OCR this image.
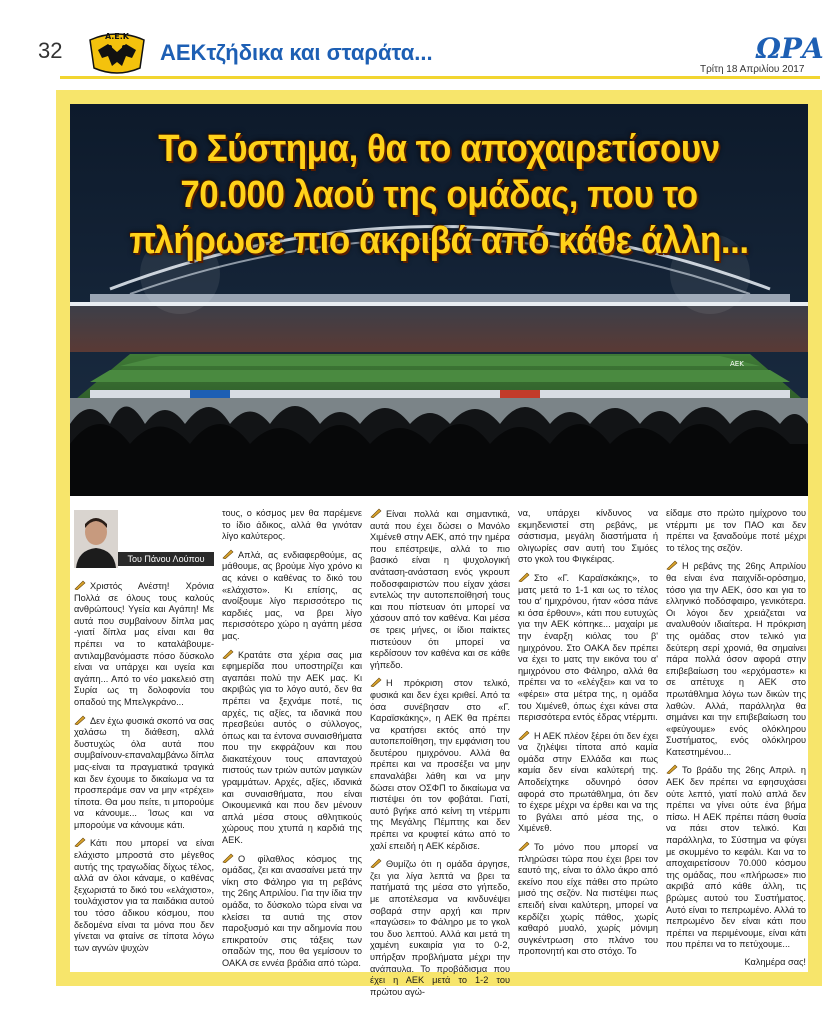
32
Α.Ε.Κ
ΑΕΚτζήδικα και σταράτα...	ΩΡΑ
Τρίτη 18 Απριλίου 2017
AEK
Το Σύστημα, θα το αποχαιρετίσουν
70.000 λαού της ομάδας, που το
πλήρωσε πιο ακριβά από κάθε άλλη...
Του Πάνου Λούπου

Χριστός Ανέστη! Χρόνια Πολλά σε όλους τους καλούς ανθρώπους! Υγεία και Αγάπη! Με αυτά που συμβαίνουν δίπλα μας -γιατί δίπλα μας είναι και θα πρέπει να το καταλάβουμε-αντιλαμβανόμαστε πόσο δύσκολο είναι να υπάρχει και υγεία και αγάπη... Από το νέο μακελειό στη Συρία ως τη δολοφονία του οπαδού της Μπελγκράνο...

Δεν έχω φυσικά σκοπό να σας χαλάσω τη διάθεση, αλλά δυστυχώς όλα αυτά που συμβαίνουν-επαναλαμβάνω δίπλα μας-είναι τα πραγματικά τραγικά και δεν έχουμε το δικαίωμα να τα προσπεράμε σαν να μην «τρέχει» τίποτα. Θα μου πείτε, τι μπορούμε να κάνουμε... Ίσως και να μπορούμε να κάνουμε κάτι.

Κάτι που μπορεί να είναι ελάχιστο μπροστά στο μέγεθος αυτής της τραγωδίας δίχως τέλος, αλλά αν όλοι κάναμε, ο καθένας ξεχωριστά το δικό του «ελάχιστο», τουλάχιστον για τα παιδάκια αυτού του τόσο άδικου κόσμου, που δεδομένα είναι τα μόνα που δεν γίνεται να φταίνε σε τίποτα λόγω των αγνών ψυχών

τους, ο κόσμος μεν θα παρέμενε το ίδιο άδικος, αλλά θα γινόταν λίγο καλύτερος.

Απλά, ας ενδιαφερθούμε, ας μάθουμε, ας βρούμε λίγο χρόνο κι ας κάνει ο καθένας το δικό του «ελάχιστο». Κι επίσης, ας ανοίξουμε λίγο περισσότερο τις καρδιές μας, να βρει λίγο περισσότερο χώρο η αγάπη μέσα μας.

Κρατάτε στα χέρια σας μια εφημερίδα που υποστηρίζει και αγαπάει πολύ την ΑΕΚ μας. Κι ακριβώς για το λόγο αυτό, δεν θα πρέπει να ξεχνάμε ποτέ, τις αρχές, τις αξίες, τα ιδανικά που πρεσβεύει αυτός ο σύλλογος, όπως και τα έντονα συναισθήματα που την εκφράζουν και που διακατέχουν τους απανταχού πιστούς των τριών αυτών μαγικών γραμμάτων. Αρχές, αξίες, ιδανικά και συναισθήματα, που είναι Οικουμενικά και που δεν μένουν απλά μέσα στους αθλητικούς χώρους που χτυπά η καρδιά της ΑΕΚ.

Ο φίλαθλος κόσμος της ομάδας, ζει και ανασαίνει μετά την νίκη στο Φάληρο για τη ρεβάνς της 26ης Απριλίου. Για την ίδια την ομάδα, το δύσκολο τώρα είναι να κλείσει τα αυτιά της στον παροξυσμό και την αδημονία που επικρατούν στις τάξεις των οπαδών της, που θα γεμίσουν το ΟΑΚΑ σε εννέα βράδια από τώρα.

Είναι πολλά και σημαντικά, αυτά που έχει δώσει ο Μανόλο Χιμένεθ στην ΑΕΚ, από την ημέρα που επέστρεψε, αλλά το πιο βασικό είναι η ψυχολογική ανάταση-ανάσταση ενός γκρουπ ποδοσφαιριστών που είχαν χάσει εντελώς την αυτοπεποίθησή τους και που πίστευαν ότι μπορεί να χάσουν από τον καθένα. Και μέσα σε τρεις μήνες, οι ίδιοι παίκτες πιστεύουν ότι μπορεί να κερδίσουν τον καθένα και σε κάθε γήπεδο.

Η πρόκριση στον τελικό, φυσικά και δεν έχει κριθεί. Από τα όσα συνέβησαν στο «Γ. Καραϊσκάκης», η ΑΕΚ θα πρέπει να κρατήσει εκτός από την αυτοπεποίθηση, την εμφάνιση του δευτέρου ημιχρόνου. Αλλά θα πρέπει και να προσέξει να μην επαναλάβει λάθη και να μην δώσει στον ΟΣΦΠ το δικαίωμα να πιστέψει ότι τον φοβάται. Γιατί, αυτό βγήκε από κείνη τη ντέρμπι της Μεγάλης Πέμπτης και δεν πρέπει να κρυφτεί κάτω από το χαλί επειδή η ΑΕΚ κέρδισε.

Θυμίζω ότι η ομάδα άργησε, ζει για λίγα λεπτά να βρει τα πατήματά της μέσα στο γήπεδο, με αποτέλεσμα να κινδυνέψει σοβαρά στην αρχή και πριν «παγώσει» το Φάληρο με το γκολ του δυο λεπτού. Αλλά και μετά τη χαμένη ευκαιρία για το 0-2, υπήρξαν προβλήματα μέχρι την ανάπαυλα. Το προβάδισμα που έχει η ΑΕΚ μετά το 1-2 του πρώτου αγώ-

να, υπάρχει κίνδυνος να εκμηδενιστεί στη ρεβάνς, με σάστισμα, μεγάλη διαστήματα ή ολιγωρίες σαν αυτή του Σιμόες στο γκολ του Φιγκέιρας.

Στο «Γ. Καραϊσκάκης», το ματς μετά το 1-1 και ως το τέλος του α' ημιχρόνου, ήταν «όσα πάνε κι όσα έρθουν», κάτι που ευτυχώς για την ΑΕΚ κόπηκε... μαχαίρι με την έναρξη κιόλας του β' ημιχρόνου. Στο ΟΑΚΑ δεν πρέπει να έχει το ματς την εικόνα του α' ημιχρόνου στο Φάληρο, αλλά θα πρέπει να το «ελέγξει» και να το «φέρει» στα μέτρα της, η ομάδα του Χιμένεθ, όπως έχει κάνει στα περισσότερα εντός έδρας ντέρμπι.

Η ΑΕΚ πλέον ξέρει ότι δεν έχει να ζηλέψει τίποτα από καμία ομάδα στην Ελλάδα και πως καμία δεν είναι καλύτερή της. Αποδείχτηκε οδυνηρό όσον αφορά στο πρωτάθλημα, ότι δεν το έχερε μέχρι να έρθει και να της το βγάλει από μέσα της, ο Χιμένεθ.

Το μόνο που μπορεί να πληρώσει τώρα που έχει βρει τον εαυτό της, είναι το άλλο άκρο από εκείνο που είχε πάθει στο πρώτο μισό της σεζόν. Να πιστέψει πως επειδή είναι καλύτερη, μπορεί να κερδίζει χωρίς πάθος, χωρίς καθαρό μυαλό, χωρίς μόνιμη συγκέντρωση στο πλάνο του προπονητή και στο στόχο. Το

είδαμε στο πρώτο ημίχρονο του ντέρμπι με τον ΠΑΟ και δεν πρέπει να ξαναδούμε ποτέ μέχρι το τέλος της σεζόν.

Η ρεβάνς της 26ης Απριλίου θα είναι ένα παιχνίδι-ορόσημο, τόσο για την ΑΕΚ, όσο και για το ελληνικό ποδόσφαιρο, γενικότερα. Οι λόγοι δεν χρειάζεται να αναλυθούν ιδιαίτερα. Η πρόκριση της ομάδας στον τελικό για δεύτερη σερί χρονιά, θα σημαίνει πάρα πολλά όσον αφορά στην επιβεβαίωση του «ερχόμαστε» κι σε απέτυχε η ΑΕΚ στο πρωτάθλημα λόγω των δικών της λαθών. Αλλά, παράλληλα θα σημάνει και την επιβεβαίωση του «φεύγουμε» ενός ολόκληρου Συστήματος, ενός ολόκληρου Κατεστημένου...

Το βράδυ της 26ης Απριλ. η ΑΕΚ δεν πρέπει να εφησυχάσει ούτε λεπτό, γιατί πολύ απλά δεν πρέπει να γίνει ούτε ένα βήμα πίσω. Η ΑΕΚ πρέπει πάση θυσία να πάει στον τελικό. Και παράλληλα, το Σύστημα να φύγει με σκυμμένο το κεφάλι. Και να το αποχαιρετίσουν 70.000 κόσμου της ομάδας, που «πλήρωσε» πιο ακριβά από κάθε άλλη, τις βρώμες αυτού του Συστήματος. Αυτό είναι το πεπρωμένο. Αλλά το πεπρωμένο δεν είναι κάτι που πρέπει να περιμένουμε, είναι κάτι που πρέπει να το πετύχουμε...

Καλημέρα σας!
